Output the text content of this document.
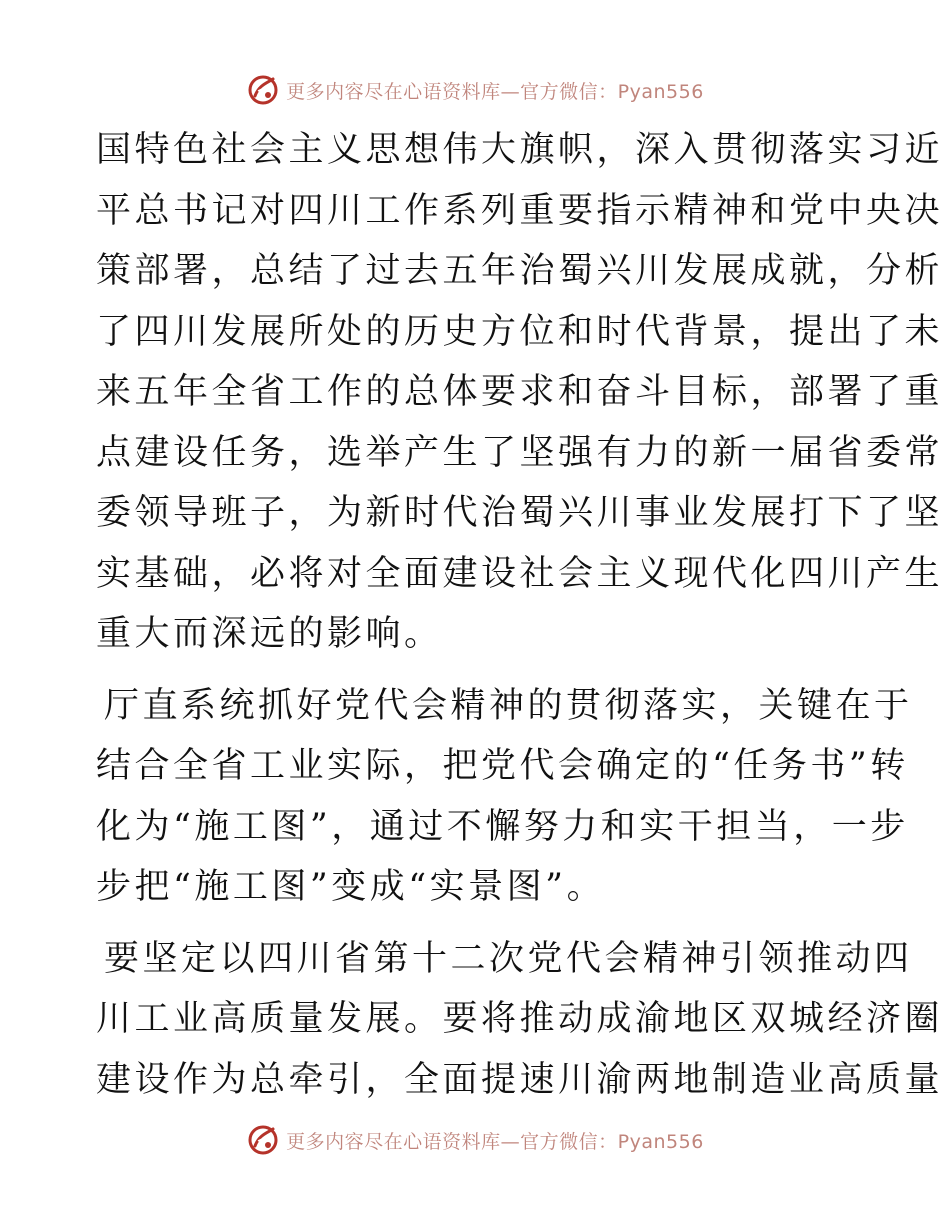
更多内容尽在心语资料库—官方微信：Pyan556

国特色社会主义思想伟大旗帜，深入贯彻落实习近
平总书记对四川工作系列重要指示精神和党中央决
策部署，总结了过去五年治蜀兴川发展成就，分析
了四川发展所处的历史方位和时代背景，提出了未
来五年全省工作的总体要求和奋斗目标，部署了重
点建设任务，选举产生了坚强有力的新一届省委常
委领导班子，为新时代治蜀兴川事业发展打下了坚
实基础，必将对全面建设社会主义现代化四川产生
重大而深远的影响。

厅直系统抓好党代会精神的贯彻落实，关键在于
结合全省工业实际，把党代会确定的“任务书”转
化为“施工图”，通过不懈努力和实干担当，一步
步把“施工图”变成“实景图”。

要坚定以四川省第十二次党代会精神引领推动四
川工业高质量发展。要将推动成渝地区双城经济圈
建设作为总牵引，全面提速川渝两地制造业高质量

更多内容尽在心语资料库—官方微信：Pyan556
